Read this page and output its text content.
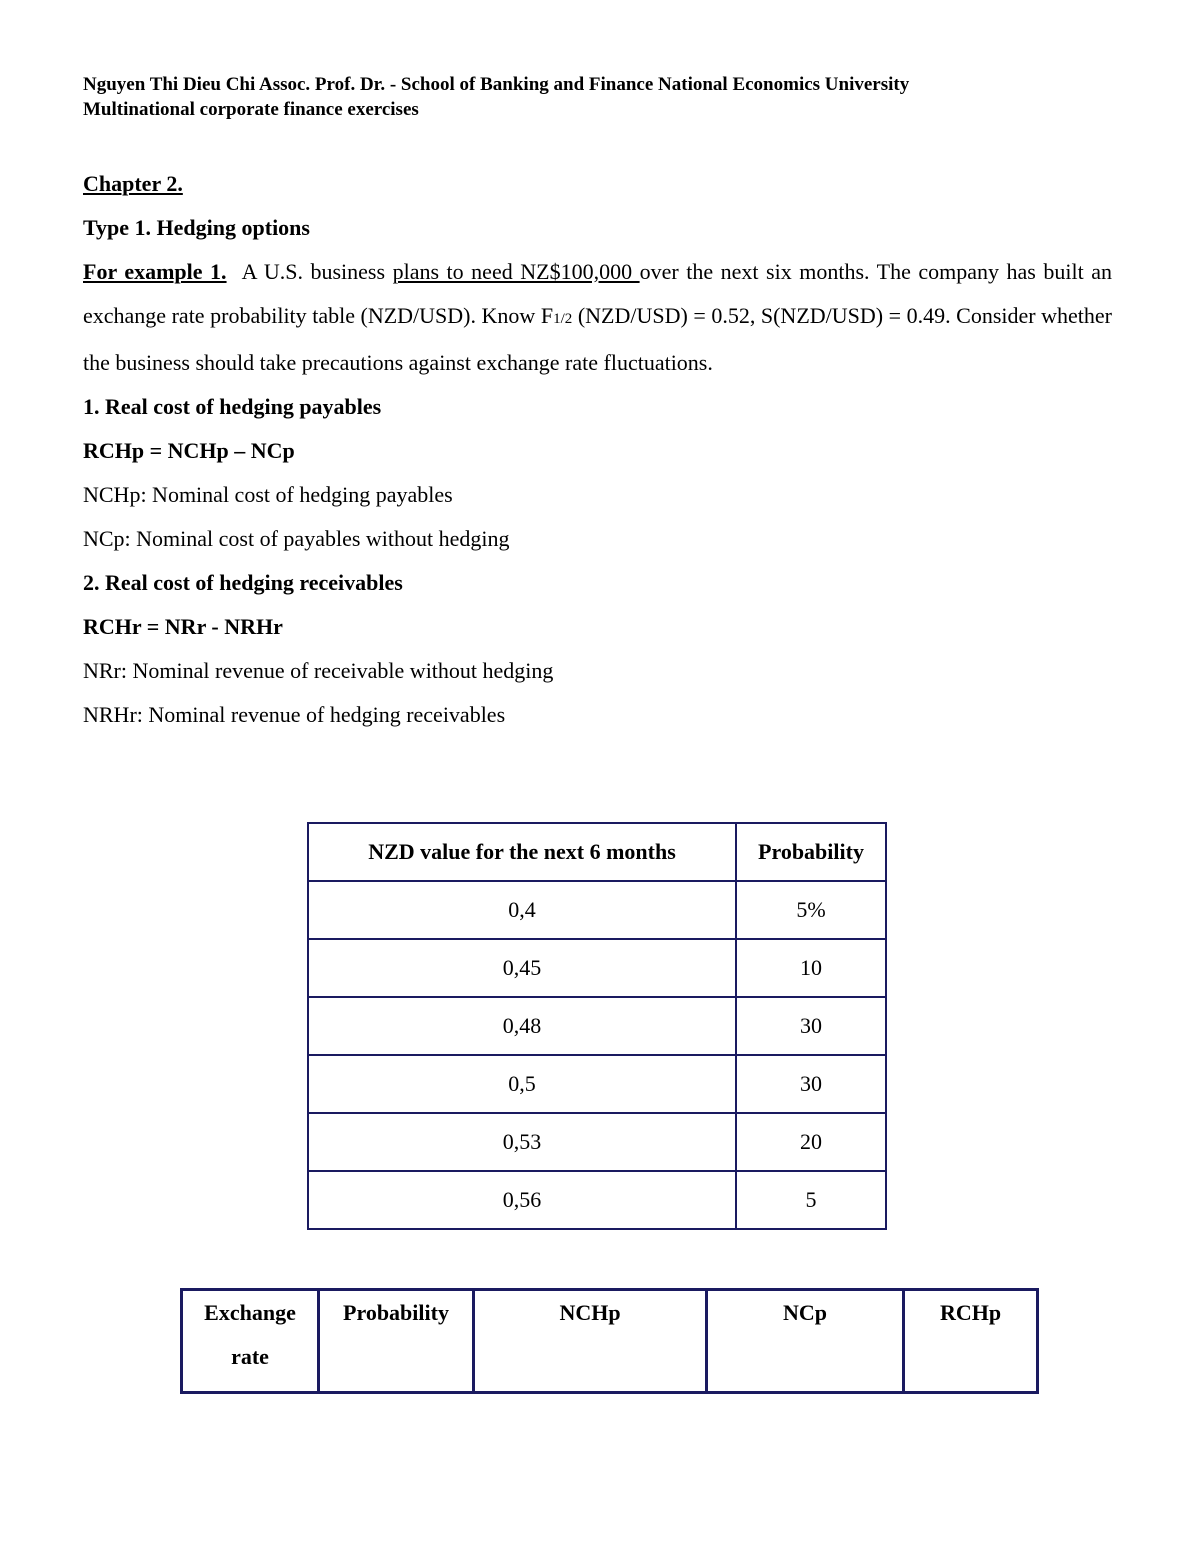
Nguyen Thi Dieu Chi Assoc. Prof. Dr. - School of Banking and Finance National Economics University
Multinational corporate finance exercises

Chapter 2.

Type 1. Hedging options

For example 1. A U.S. business plans to need NZ$100,000 over the next six months. The company has built an exchange rate probability table (NZD/USD). Know F1/2 (NZD/USD) = 0.52, S(NZD/USD) = 0.49. Consider whether the business should take precautions against exchange rate fluctuations.

1. Real cost of hedging payables

RCHp = NCHp – NCp

NCHp: Nominal cost of hedging payables

NCp: Nominal cost of payables without hedging

2. Real cost of hedging receivables

RCHr = NRr - NRHr

NRr: Nominal revenue of receivable without hedging

NRHr: Nominal revenue of hedging receivables

NZD value for the next 6 months	Probability
0,4	5%
0,45	10
0,48	30
0,5	30
0,53	20
0,56	5
Exchange rate	Probability	NCHp	NCp	RCHp
